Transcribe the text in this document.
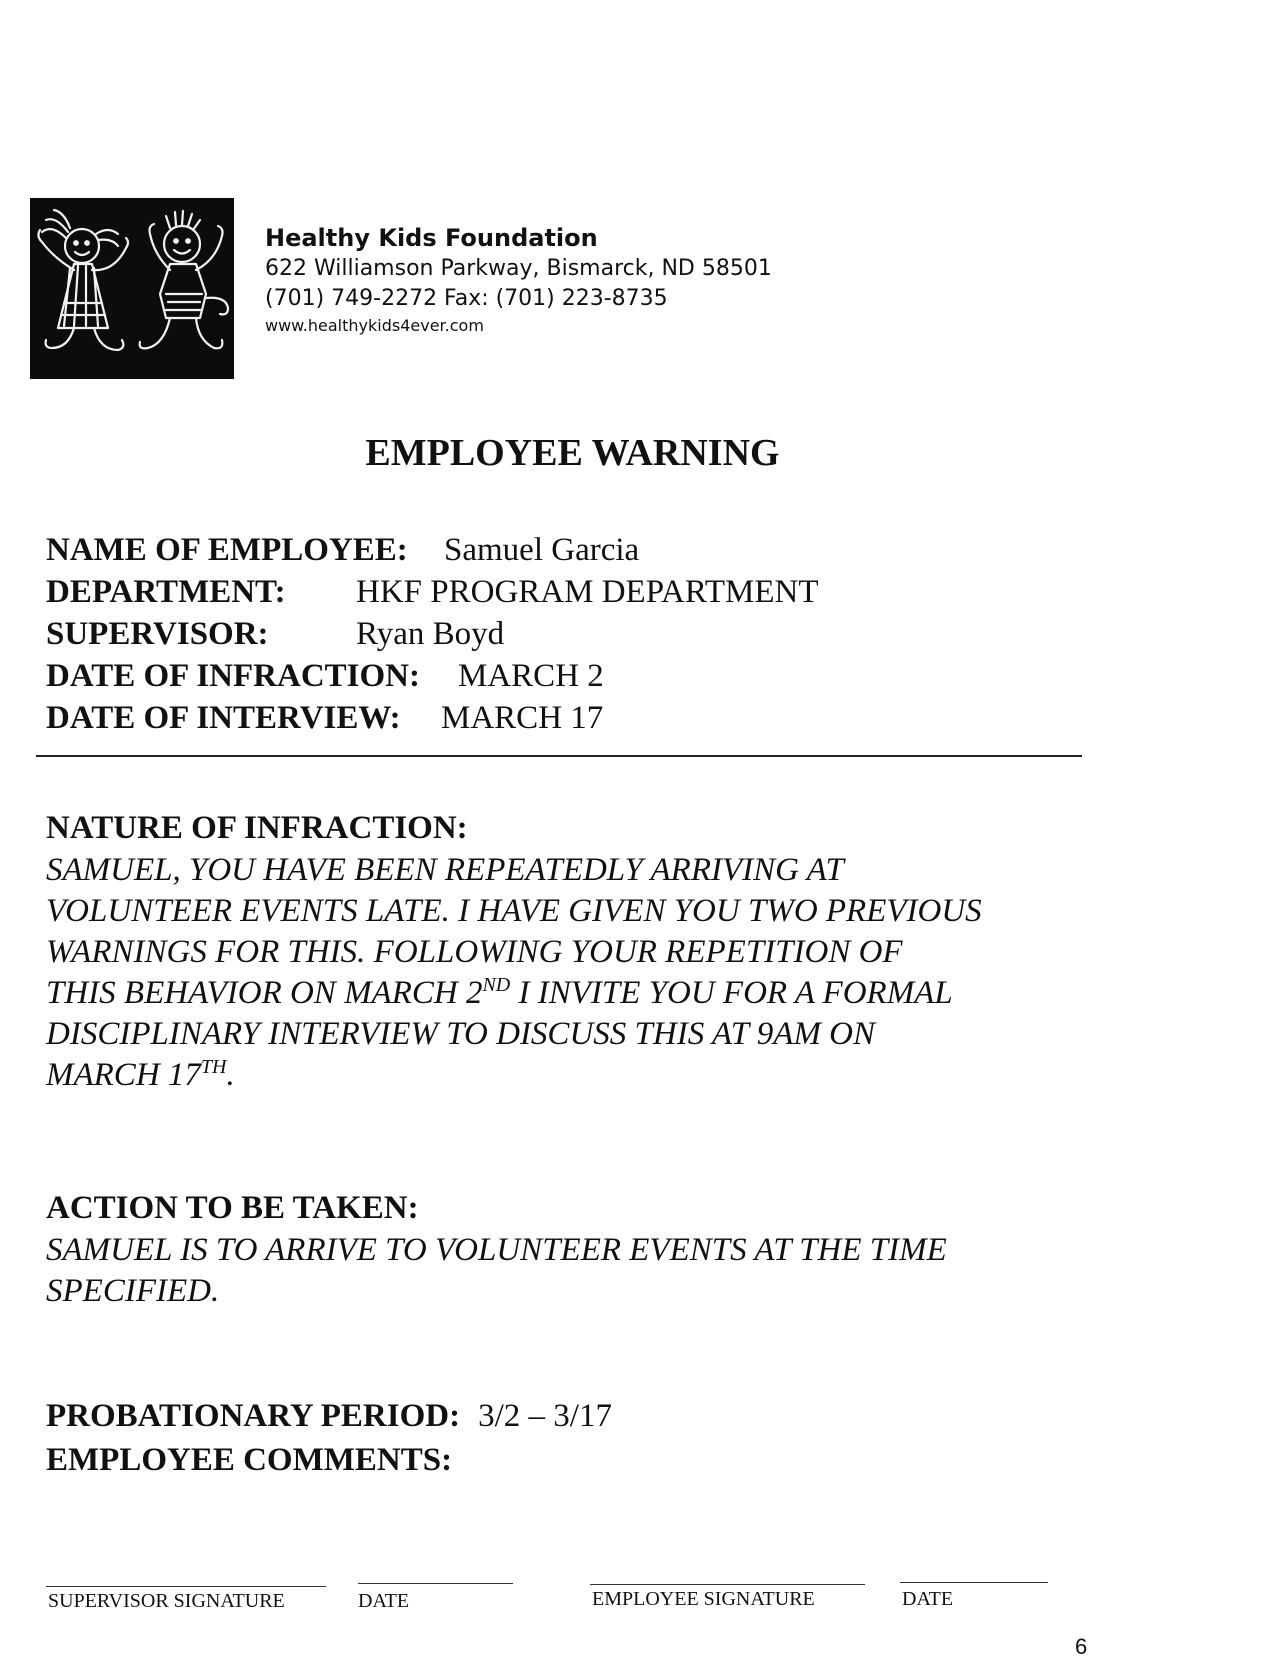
Healthy Kids Foundation
622 Williamson Parkway, Bismarck, ND 58501
(701) 749-2272 Fax: (701) 223-8735
www.healthykids4ever.com
EMPLOYEE WARNING
NAME OF EMPLOYEE: Samuel Garcia
DEPARTMENT: HKF PROGRAM DEPARTMENT
SUPERVISOR:	Ryan Boyd
DATE OF INFRACTION: MARCH 2
DATE OF INTERVIEW: MARCH 17
NATURE OF INFRACTION:
SAMUEL, YOU HAVE BEEN REPEATEDLY ARRIVING AT
VOLUNTEER EVENTS LATE. I HAVE GIVEN YOU TWO PREVIOUS
WARNINGS FOR THIS. FOLLOWING YOUR REPETITION OF
THIS BEHAVIOR ON MARCH 2ND I INVITE YOU FOR A FORMAL
DISCIPLINARY INTERVIEW TO DISCUSS THIS AT 9AM ON
MARCH 17TH.
ACTION TO BE TAKEN:
SAMUEL IS TO ARRIVE TO VOLUNTEER EVENTS AT THE TIME
SPECIFIED.
PROBATIONARY PERIOD: 3/2 – 3/17
EMPLOYEE COMMENTS:
SUPERVISOR SIGNATURE	DATE	EMPLOYEE SIGNATURE	DATE
6
